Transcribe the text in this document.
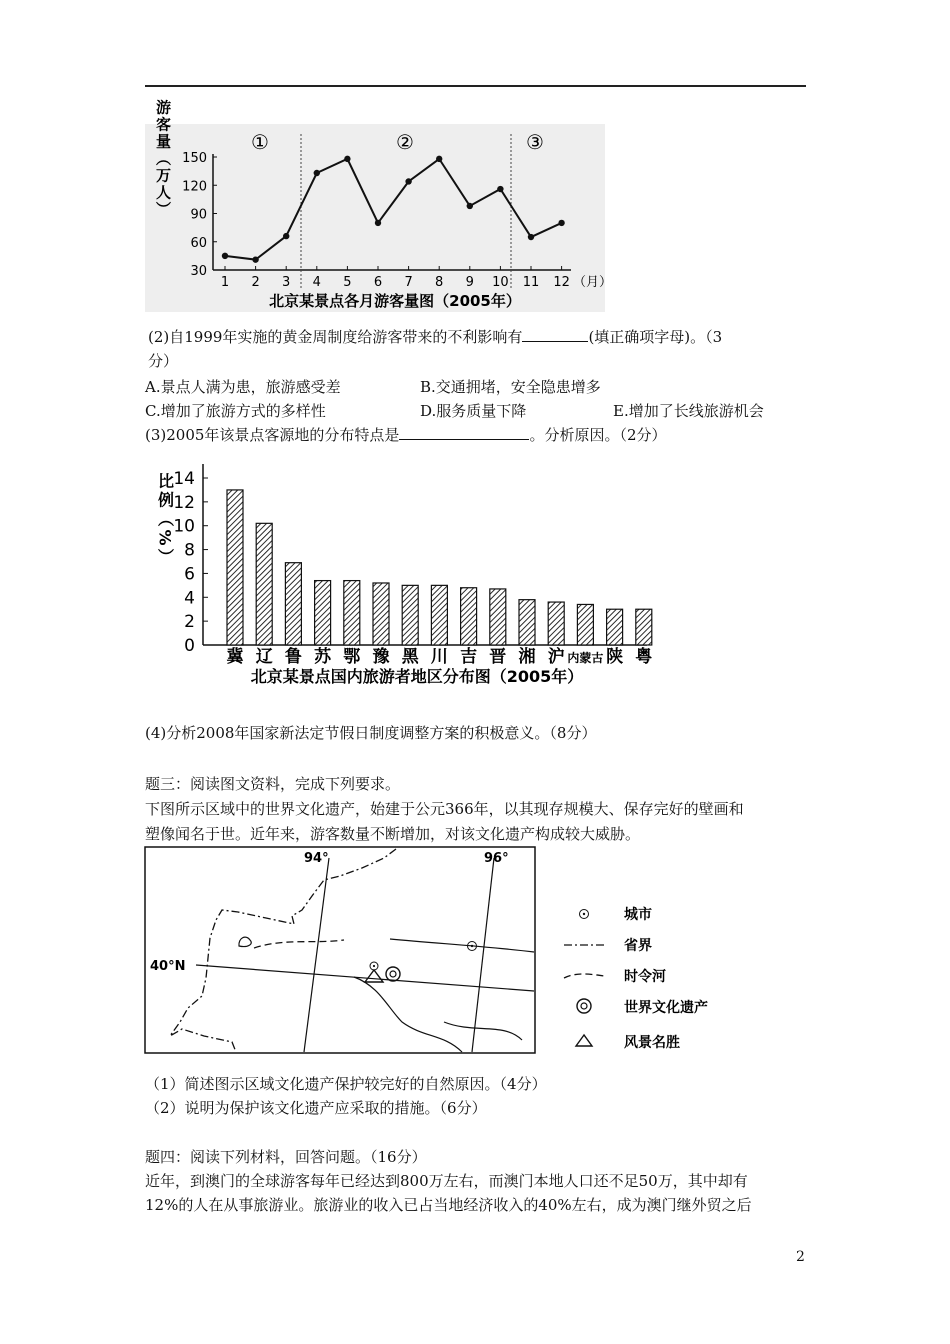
①	②	③
游客量（万人）
30
60
90
120
150
1 2 3 4 5 6 7 8 9 10 11 12 （月）
北京某景点各月游客量图（2005年）
(2)自1999年实施的黄金周制度给游客带来的不利影响有	(填正确项字母)。（3
分）
A.景点人满为患，旅游感受差	B.交通拥堵，安全隐患增多
C.增加了旅游方式的多样性	D.服务质量下降	E.增加了长线旅游机会
(3)2005年该景点客源地的分布特点是	。分析原因。（2分）
比例（%）
0
2
4
6
8
10
12
14
冀 辽 鲁 苏 鄂 豫 黑 川 吉 晋 湘 沪 内蒙古 陕 粤
北京某景点国内旅游者地区分布图（2005年）
(4)分析2008年国家新法定节假日制度调整方案的积极意义。（8分）
题三：阅读图文资料，完成下列要求。
下图所示区域中的世界文化遗产，始建于公元366年，以其现存规模大、保存完好的壁画和
塑像闻名于世。近年来，游客数量不断增加，对该文化遗产构成较大威胁。
94°	96°
40°N
城市
省界
时令河
世界文化遗产
风景名胜
（1）简述图示区域文化遗产保护较完好的自然原因。（4分）
（2）说明为保护该文化遗产应采取的措施。（6分）
题四：阅读下列材料，回答问题。（16分）
近年，到澳门的全球游客每年已经达到800万左右，而澳门本地人口还不足50万，其中却有
12%的人在从事旅游业。旅游业的收入已占当地经济收入的40%左右，成为澳门继外贸之后
2
